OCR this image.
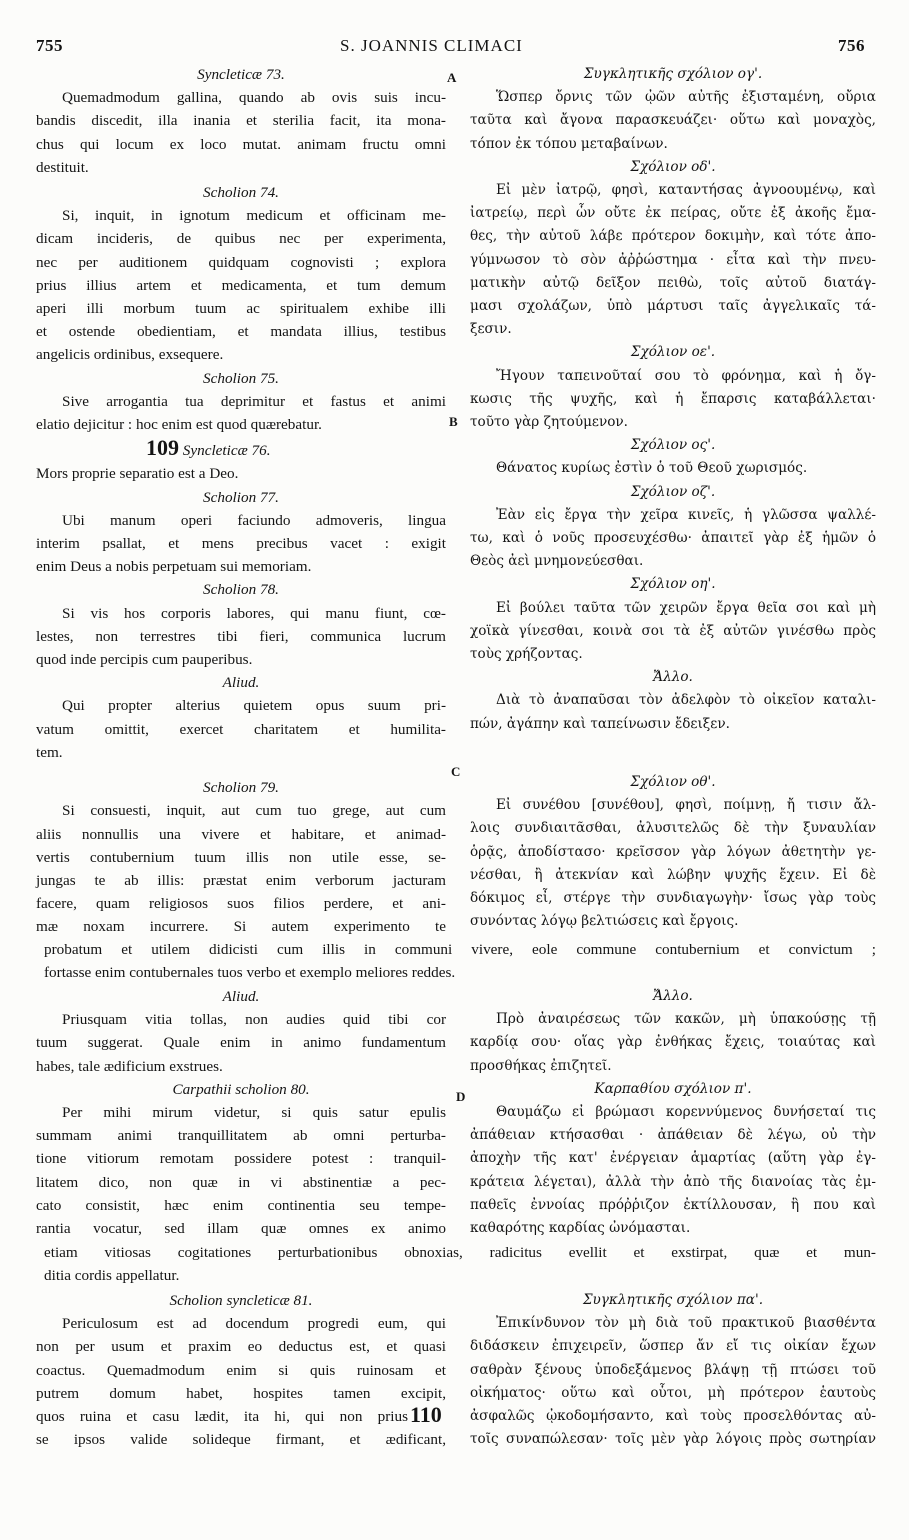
755	S. JOANNIS CLIMACI	756
A
B
C
D
Syncleticæ 73.
Quemadmodum gallina, quando ab ovis suis incu-
bandis discedit, illa inania et sterilia facit, ita mona-
chus qui locum ex loco mutat. animam fructu omni
destituit.
Scholion 74.
Si, inquit, in ignotum medicum et officinam me-
dicam incideris, de quibus nec per experimenta,
nec per auditionem quidquam cognovisti ; explora
prius illius artem et medicamenta, et tum demum
aperi illi morbum tuum ac spiritualem exhibe illi
et ostende obedientiam, et mandata illius, testibus
angelicis ordinibus, exsequere.
Scholion 75.
Sive arrogantia tua deprimitur et fastus et animi
elatio dejicitur : hoc enim est quod quærebatur.
109 Syncleticæ 76.
Mors proprie separatio est a Deo.
Scholion 77.
Ubi manum operi faciundo admoveris, lingua
interim psallat, et mens precibus vacet : exigit
enim Deus a nobis perpetuam sui memoriam.
Scholion 78.
Si vis hos corporis labores, qui manu fiunt, cœ-
lestes, non terrestres tibi fieri, communica lucrum
quod inde percipis cum pauperibus.
Aliud.
Qui propter alterius quietem opus suum pri-
vatum omittit, exercet charitatem et humilita-
tem.
Scholion 79.
Si consuesti, inquit, aut cum tuo grege, aut cum
aliis nonnullis una vivere et habitare, et animad-
vertis contubernium tuum illis non utile esse, se-
jungas te ab illis: præstat enim verborum jacturam
facere, quam religiosos suos filios perdere, et ani-
mæ noxam incurrere. Si autem experimento te
probatum et utilem didicisti cum illis in communi vivere, eole commune contubernium et convictum ;
fortasse enim contubernales tuos verbo et exemplo meliores reddes.
Aliud.
Priusquam vitia tollas, non audies quid tibi cor
tuum suggerat. Quale enim in animo fundamentum
habes, tale ædificium exstrues.
Carpathii scholion 80.
Per mihi mirum videtur, si quis satur epulis
summam animi tranquillitatem ab omni perturba-
tione vitiorum remotam possidere potest : tranquil-
litatem dico, non quæ in vi abstinentiæ a pec-
cato consistit, hæc enim continentia seu tempe-
rantia vocatur, sed illam quæ omnes ex animo
etiam vitiosas cogitationes perturbationibus obnoxias, radicitus evellit et exstirpat, quæ et mun-
ditia cordis appellatur.
Scholion syncleticæ 81.
Periculosum est ad docendum progredi eum, qui
non per usum et praxim eo deductus est, et quasi
coactus. Quemadmodum enim si quis ruinosam et
putrem domum habet, hospites tamen excipit,
quos ruina et casu lædit, ita hi, qui non prius
se ipsos valide solideque firmant, et ædificant,
110
Συγκλητικῆς σχόλιον ογ'.
Ὥσπερ ὄρνις τῶν ᾠῶν αὐτῆς ἐξισταμένη, οὔρια
ταῦτα καὶ ἄγονα παρασκευάζει· οὕτω καὶ μοναχὸς,
τόπον ἐκ τόπου μεταβαίνων.
Σχόλιον οδ'.
Εἰ μὲν ἰατρῷ, φησὶ, καταντήσας ἀγνοουμένῳ, καὶ
ἰατρείῳ, περὶ ὧν οὔτε ἐκ πείρας, οὔτε ἐξ ἀκοῆς ἔμα-
θες, τὴν αὐτοῦ λάβε πρότερον δοκιμὴν, καὶ τότε ἀπο-
γύμνωσον τὸ σὸν ἀῤῥώστημα · εἶτα καὶ τὴν πνευ-
ματικὴν αὐτῷ δεῖξον πειθὼ, τοῖς αὐτοῦ διατάγ-
μασι σχολάζων, ὑπὸ μάρτυσι ταῖς ἀγγελικαῖς τά-
ξεσιν.
Σχόλιον οε'.
Ἤγουν ταπεινοῦταί σου τὸ φρόνημα, καὶ ἡ ὄγ-
κωσις τῆς ψυχῆς, καὶ ἡ ἔπαρσις καταβάλλεται·
τοῦτο γὰρ ζητούμενον.
Σχόλιον ος'.
Θάνατος κυρίως ἐστὶν ὁ τοῦ Θεοῦ χωρισμός.
Σχόλιον οζ'.
Ἐὰν εἰς ἔργα τὴν χεῖρα κινεῖς, ἡ γλῶσσα ψαλλέ-
τω, καὶ ὁ νοῦς προσευχέσθω· ἀπαιτεῖ γὰρ ἐξ ἡμῶν ὁ
Θεὸς ἀεὶ μνημονεύεσθαι.
Σχόλιον οη'.
Εἰ βούλει ταῦτα τῶν χειρῶν ἔργα θεῖα σοι καὶ μὴ
χοϊκὰ γίνεσθαι, κοινὰ σοι τὰ ἐξ αὐτῶν γινέσθω πρὸς
τοὺς χρήζοντας.
Ἄλλο.
Διὰ τὸ ἀναπαῦσαι τὸν ἀδελφὸν τὸ οἰκεῖον καταλι-
πών, ἀγάπην καὶ ταπείνωσιν ἔδειξεν.
Σχόλιον οθ'.
Εἰ συνέθου [συνέθου], φησὶ, ποίμνῃ, ἤ τισιν ἄλ-
λοις συνδιαιτᾶσθαι, ἀλυσιτελῶς δὲ τὴν ξυναυλίαν
ὁρᾷς, ἀποδίστασο· κρεῖσσον γὰρ λόγων ἀθετητὴν γε-
νέσθαι, ἢ ἀτεκνίαν καὶ λώβην ψυχῆς ἔχειν. Εἰ δὲ
δόκιμος εἶ, στέργε τὴν συνδιαγωγὴν· ἴσως γὰρ τοὺς
συνόντας λόγῳ βελτιώσεις καὶ ἔργοις.
Ἄλλο.
Πρὸ ἀναιρέσεως τῶν κακῶν, μὴ ὑπακούσῃς τῇ
καρδίᾳ σου· οἵας γὰρ ἐνθήκας ἔχεις, τοιαύτας καὶ
προσθήκας ἐπιζητεῖ.
Καρπαθίου σχόλιον π'.
Θαυμάζω εἰ βρώμασι κορεννύμενος δυνήσεταί τις
ἀπάθειαν κτήσασθαι · ἀπάθειαν δὲ λέγω, οὐ τὴν
ἀποχὴν τῆς κατ' ἐνέργειαν ἁμαρτίας (αὕτη γὰρ ἐγ-
κράτεια λέγεται), ἀλλὰ τὴν ἀπὸ τῆς διανοίας τὰς ἐμ-
παθεῖς ἐννοίας πρόῤῥιζον ἐκτίλλουσαν, ἣ που καὶ
καθαρότης καρδίας ὠνόμασται.
Συγκλητικῆς σχόλιον πα'.
Ἐπικίνδυνον τὸν μὴ διὰ τοῦ πρακτικοῦ βιασθέντα
διδάσκειν ἐπιχειρεῖν, ὥσπερ ἄν εἴ τις οἰκίαν ἔχων
σαθρὰν ξένους ὑποδεξάμενος βλάψῃ τῇ πτώσει τοῦ
οἰκήματος· οὕτω καὶ οὗτοι, μὴ πρότερον ἑαυτοὺς
ἀσφαλῶς ᾠκοδομήσαντο, καὶ τοὺς προσελθόντας αὐ-
τοῖς συναπώλεσαν· τοῖς μὲν γὰρ λόγοις πρὸς σωτηρίαν
